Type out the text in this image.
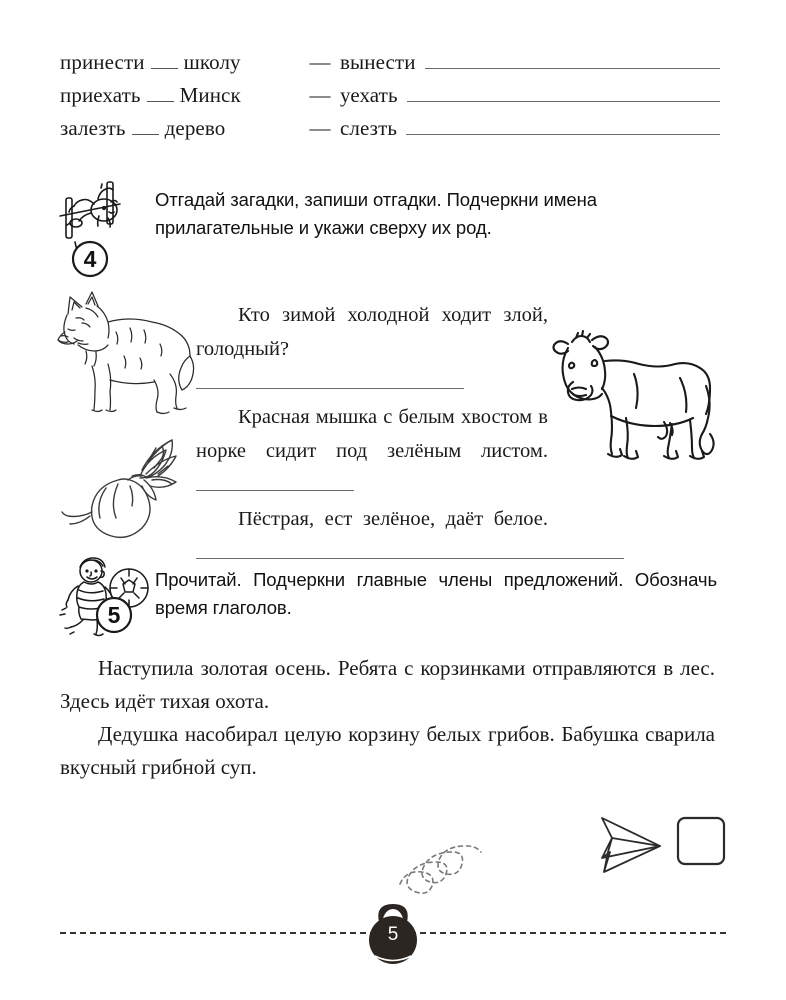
принести школу	— вынести
приехать Минск	— уехать
залезть дерево	— слезть
4
Отгадай загадки, запиши отгадки. Подчеркни имена прилагательные и укажи сверху их род.

Кто зимой холодной ходит злой, голодный?

Красная мышка с белым хвостом в норке сидит под зелёным листом.

Пёстрая, ест зелёное, даёт белое.

5
Прочитай. Подчеркни главные члены предложений. Обозначь время глаголов.

Наступила золотая осень. Ребята с корзинками отправляются в лес. Здесь идёт тихая охота.

Дедушка насобирал целую корзину белых грибов. Бабушка сварила вкусный грибной суп.

5
